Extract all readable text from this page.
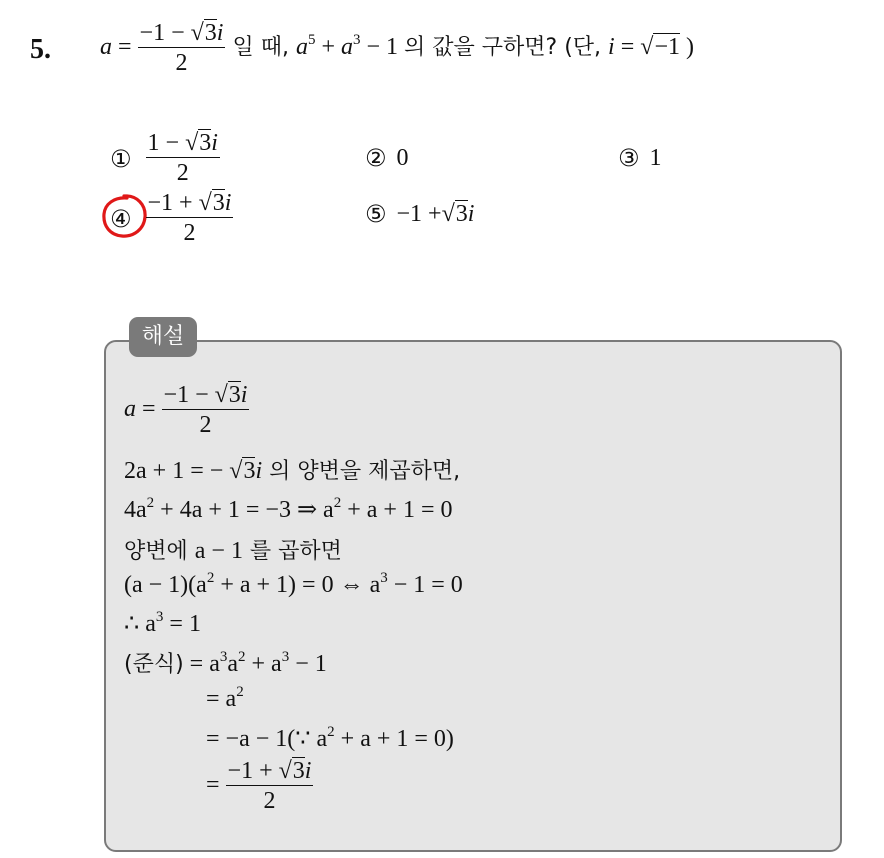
5. $a = \frac{-1 - √3i}{2}$ 일 때, $a^5 + a^3 - 1$ 의 값을 구하면? (단, i = √−1 )
① $\frac{1 - √3i}{2}$	② 0	③ 1
④ $\frac{-1 + √3i}{2}$	⑤ −1 + √3 i
해설
$a = \frac{-1 - √3i}{2}$
2a + 1 = − √3i 의 양변을 제곱하면,
$4a^2 + 4a + 1 = -3$ ⇒ $a^2 + a + 1 = 0$
양변에 a − 1 를 곱하면
$(a - 1)(a^2 + a + 1) = 0$ ⇔ $a^3 - 1 = 0$
∴ $a^3 = 1$
(준식) = $a^3a^2 + a^3 - 1$
= $a^2$
= −a − 1(∵ $a^2 + a + 1 = 0$)
= $\frac{-1 + √3i}{2}$
